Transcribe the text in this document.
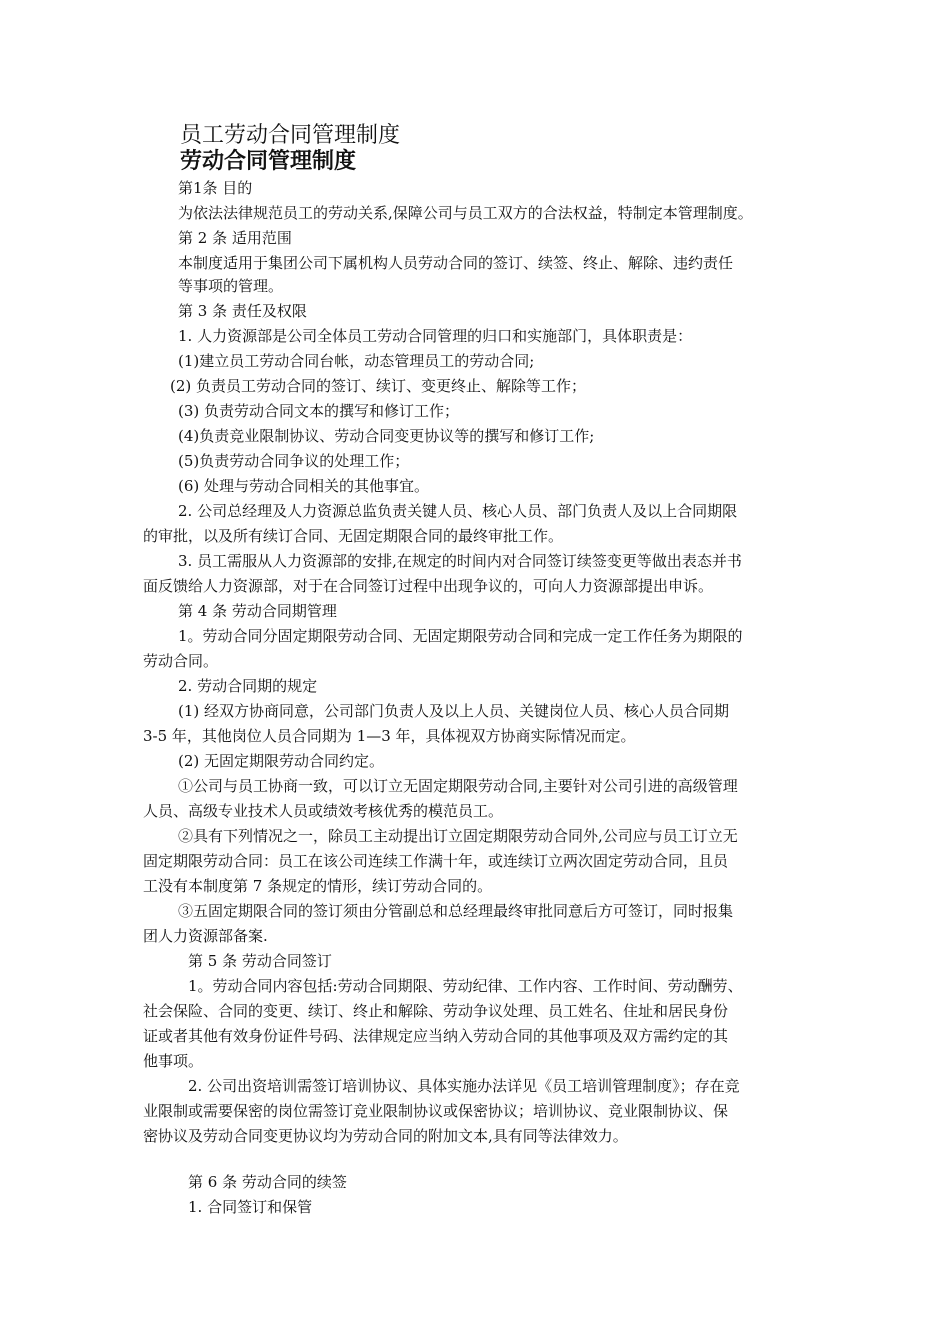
员工劳动合同管理制度
劳动合同管理制度
第1条 目的
为依法法律规范员工的劳动关系,保障公司与员工双方的合法权益，特制定本管理制度。
第 2 条 适用范围
本制度适用于集团公司下属机构人员劳动合同的签订、续签、终止、解除、违约责任
等事项的管理。
第 3 条 责任及权限
1. 人力资源部是公司全体员工劳动合同管理的归口和实施部门，具体职责是：
(1)建立员工劳动合同台帐，动态管理员工的劳动合同;
(2) 负责员工劳动合同的签订、续订、变更终止、解除等工作；
(3) 负责劳动合同文本的撰写和修订工作；
(4)负责竞业限制协议、劳动合同变更协议等的撰写和修订工作;
(5)负责劳动合同争议的处理工作；
(6) 处理与劳动合同相关的其他事宜。
2. 公司总经理及人力资源总监负责关键人员、核心人员、部门负责人及以上合同期限
的审批，以及所有续订合同、无固定期限合同的最终审批工作。
3. 员工需服从人力资源部的安排,在规定的时间内对合同签订续签变更等做出表态并书
面反馈给人力资源部，对于在合同签订过程中出现争议的，可向人力资源部提出申诉。
第 4 条 劳动合同期管理
1。劳动合同分固定期限劳动合同、无固定期限劳动合同和完成一定工作任务为期限的
劳动合同。
2. 劳动合同期的规定
(1) 经双方协商同意，公司部门负责人及以上人员、关键岗位人员、核心人员合同期
3-5 年，其他岗位人员合同期为 1—3 年，具体视双方协商实际情况而定。
(2) 无固定期限劳动合同约定。
①公司与员工协商一致，可以订立无固定期限劳动合同,主要针对公司引进的高级管理
人员、高级专业技术人员或绩效考核优秀的模范员工。
②具有下列情况之一，除员工主动提出订立固定期限劳动合同外,公司应与员工订立无
固定期限劳动合同：员工在该公司连续工作满十年，或连续订立两次固定劳动合同，且员
工没有本制度第 7 条规定的情形，续订劳动合同的。
③五固定期限合同的签订须由分管副总和总经理最终审批同意后方可签订，同时报集
团人力资源部备案.
第 5 条 劳动合同签订
1。劳动合同内容包括:劳动合同期限、劳动纪律、工作内容、工作时间、劳动酬劳、
社会保险、合同的变更、续订、终止和解除、劳动争议处理、员工姓名、住址和居民身份
证或者其他有效身份证件号码、法律规定应当纳入劳动合同的其他事项及双方需约定的其
他事项。
2. 公司出资培训需签订培训协议、具体实施办法详见《员工培训管理制度》；存在竞
业限制或需要保密的岗位需签订竞业限制协议或保密协议；培训协议、竞业限制协议、保
密协议及劳动合同变更协议均为劳动合同的附加文本,具有同等法律效力。
第 6 条 劳动合同的续签
1. 合同签订和保管
